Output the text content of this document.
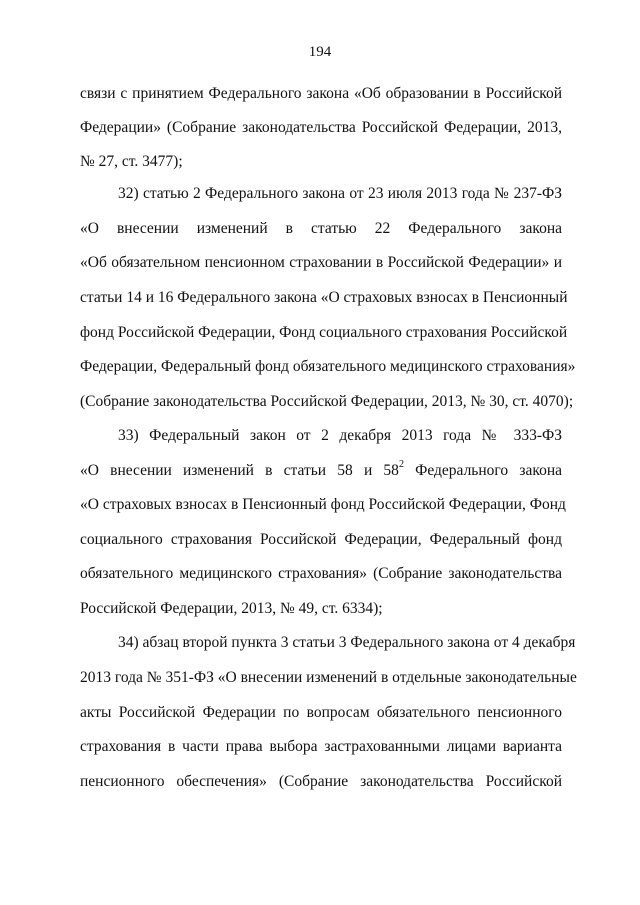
194
связи с принятием Федерального закона «Об образовании в Российской
Федерации» (Собрание законодательства Российской Федерации, 2013,
№ 27, ст. 3477);
32) статью 2 Федерального закона от 23 июля 2013 года № 237-ФЗ
«О внесении изменений в статью 22 Федерального закона
«Об обязательном пенсионном страховании в Российской Федерации» и
статьи 14 и 16 Федерального закона «О страховых взносах в Пенсионный
фонд Российской Федерации, Фонд социального страхования Российской
Федерации, Федеральный фонд обязательного медицинского страхования»
(Собрание законодательства Российской Федерации, 2013, № 30, ст. 4070);
33) Федеральный закон от 2 декабря 2013 года № 333-ФЗ
«О внесении изменений в статьи 58 и $58^2$ Федерального закона
«О страховых взносах в Пенсионный фонд Российской Федерации, Фонд
социального страхования Российской Федерации, Федеральный фонд
обязательного медицинского страхования» (Собрание законодательства
Российской Федерации, 2013, № 49, ст. 6334);
34) абзац второй пункта 3 статьи 3 Федерального закона от 4 декабря
2013 года № 351-ФЗ «О внесении изменений в отдельные законодательные
акты Российской Федерации по вопросам обязательного пенсионного
страхования в части права выбора застрахованными лицами варианта
пенсионного обеспечения» (Собрание законодательства Российской
